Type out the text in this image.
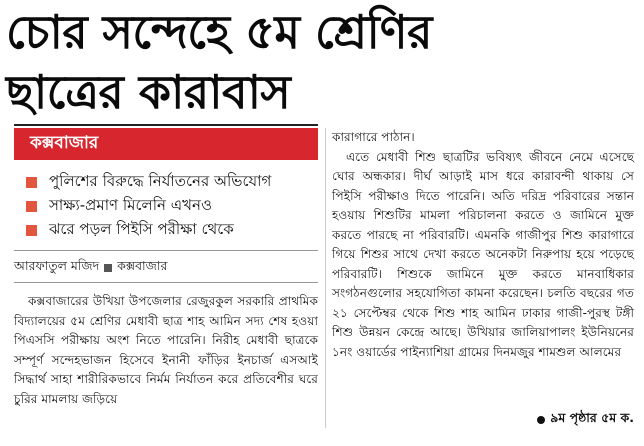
চোর সন্দেহে ৫ম শ্রেণির
ছাত্রের কারাবাস
কক্সবাজার
পুলিশের বিরুদ্ধে নির্যাতনের অভিযোগ
সাক্ষ্য-প্রমাণ মিলেনি এখনও
ঝরে পড়ল পিইসি পরীক্ষা থেকে
আরফাতুল মজিদ কক্সবাজার

কক্সবাজারের উখিয়া উপজেলার রেজুরকুল সরকারি প্রাথমিক বিদ্যালয়ের ৫ম শ্রেণির মেধাবী ছাত্র শাহ আমিন সদ্য শেষ হওয়া পিএসসি পরীক্ষায় অংশ নিতে পারেনি। নিরীহ মেধাবী ছাত্রকে সম্পূর্ণ সন্দেহভাজন হিসেবে ইনানী ফাঁড়ির ইনচার্জ এসআই সিদ্ধার্থ সাহা শারীরিকভাবে নির্মম নির্যাতন করে প্রতিবেশীর ঘরে চুরির মামলায় জড়িয়ে

কারাগারে পাঠান।

এতে মেধাবী শিশু ছাত্রটির ভবিষ্যৎ জীবনে নেমে এসেছে ঘোর অন্ধকার। দীর্ঘ আড়াই মাস ধরে কারাবন্দী থাকায় সে পিইসি পরীক্ষাও দিতে পারেনি। অতি দরিদ্র পরিবারের সন্তান হওয়ায় শিশুটির মামলা পরিচালনা করতে ও জামিনে মুক্ত করতে পারছে না পরিবারটি। এমনকি গাজীপুর শিশু কারাগারে গিয়ে শিশুর সাথে দেখা করতে অনেকটা নিরুপায় হয়ে পড়েছে পরিবারটি। শিশুকে জামিনে মুক্ত করতে মানবাধিকার সংগঠনগুলোর সহযোগিতা কামনা করেছেন। চলতি বছরের গত ২১ সেপ্টেম্বর থেকে শিশু শাহ আমিন ঢাকার গাজী-পুরস্থ টঙ্গী শিশু উন্নয়ন কেন্দ্রে আছে। উখিয়ার জালিয়াপালং ইউনিয়নের ১নং ওয়ার্ডের পাইন্যাশিয়া গ্রামের দিনমজুর শামশুল আলমের

৯ম পৃষ্ঠার ৫ম ক.
